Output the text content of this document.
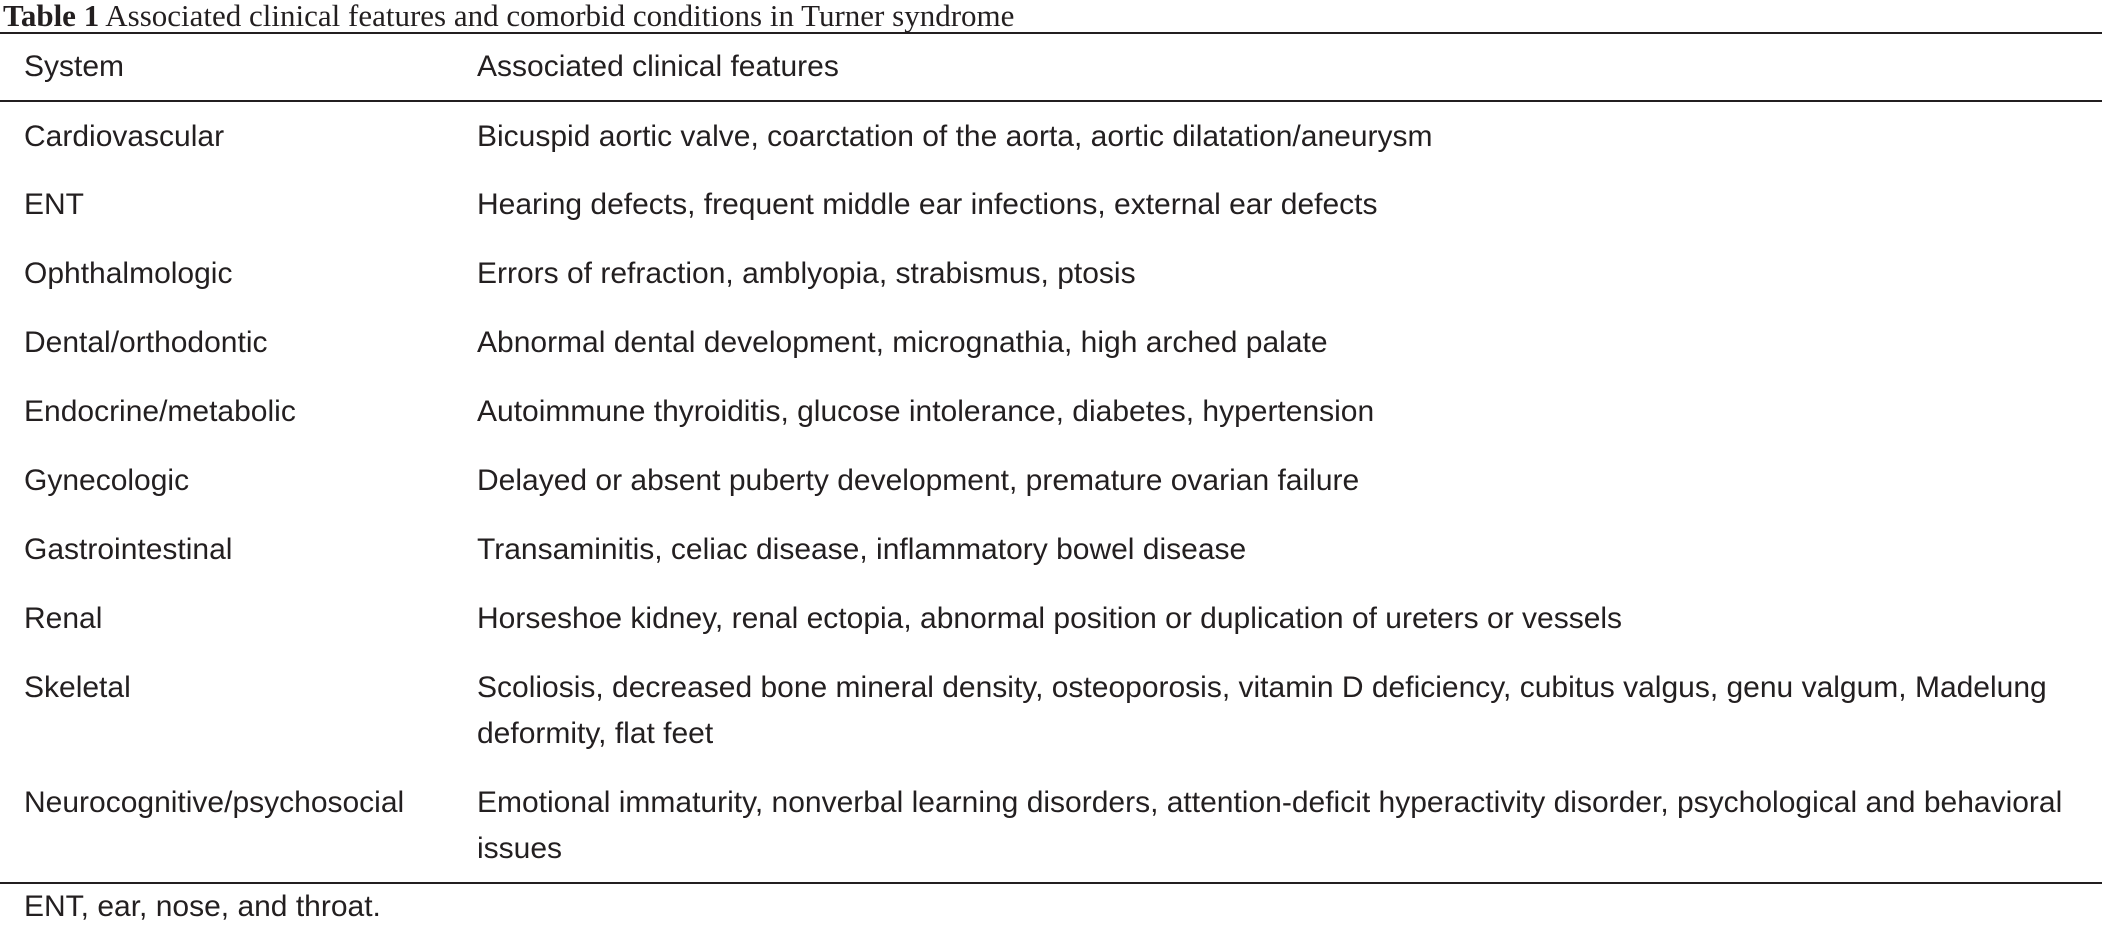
Table 1 Associated clinical features and comorbid conditions in Turner syndrome
System	Associated clinical features
Cardiovascular	Bicuspid aortic valve, coarctation of the aorta, aortic dilatation/aneurysm
ENT	Hearing defects, frequent middle ear infections, external ear defects
Ophthalmologic	Errors of refraction, amblyopia, strabismus, ptosis
Dental/orthodontic	Abnormal dental development, micrognathia, high arched palate
Endocrine/metabolic	Autoimmune thyroiditis, glucose intolerance, diabetes, hypertension
Gynecologic	Delayed or absent puberty development, premature ovarian failure
Gastrointestinal	Transaminitis, celiac disease, inflammatory bowel disease
Renal	Horseshoe kidney, renal ectopia, abnormal position or duplication of ureters or vessels
Skeletal	Scoliosis, decreased bone mineral density, osteoporosis, vitamin D deficiency, cubitus valgus, genu valgum, Madelung deformity, flat feet
Neurocognitive/psychosocial	Emotional immaturity, nonverbal learning disorders, attention-deficit hyperactivity disorder, psychological and behavioral issues
ENT, ear, nose, and throat.
